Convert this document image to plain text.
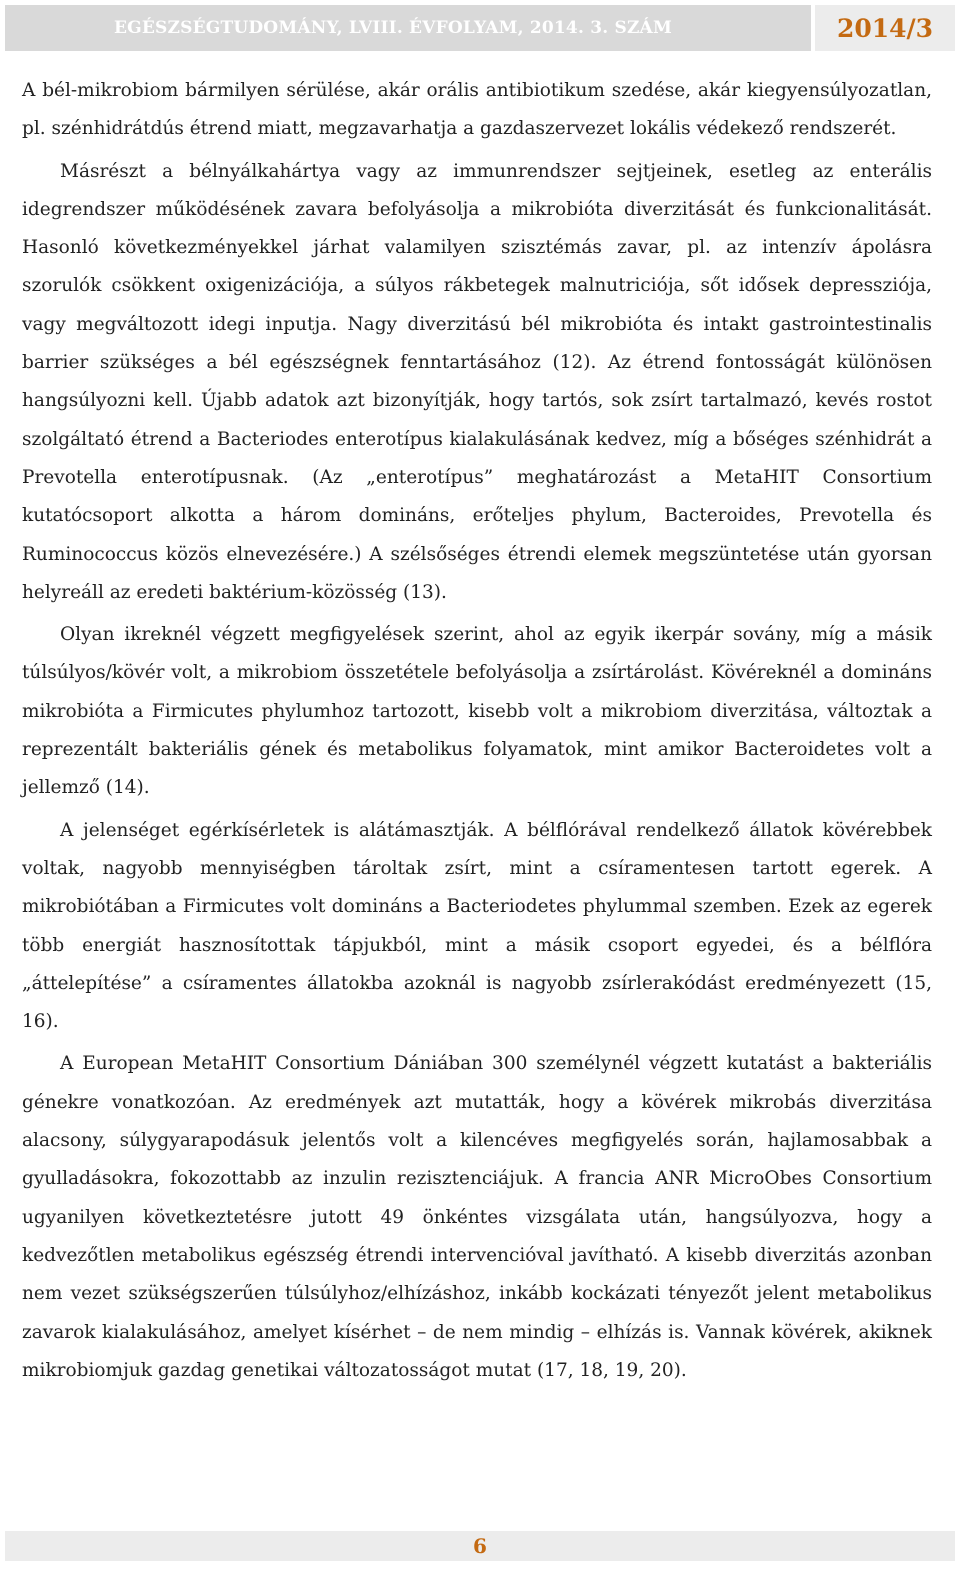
EGÉSZSÉGTUDOMÁNY, LVIII. ÉVFOLYAM, 2014. 3. SZÁM	2014/3

A bél-mikrobiom bármilyen sérülése, akár orális antibiotikum szedése, akár kiegyensúlyozatlan, pl. szénhidrátdús étrend miatt, megzavarhatja a gazdaszervezet lokális védekező rendszerét.

Másrészt a bélnyálkahártya vagy az immunrendszer sejtjeinek, esetleg az enterális idegrendszer működésének zavara befolyásolja a mikrobióta diverzitását és funkcionalitását. Hasonló következményekkel járhat valamilyen szisztémás zavar, pl. az intenzív ápolásra szorulók csökkent oxigenizációja, a súlyos rákbetegek malnutriciója, sőt idősek depressziója, vagy megváltozott idegi inputja. Nagy diverzitású bél mikrobióta és intakt gastrointestinalis barrier szükséges a bél egészségnek fenntartásához (12). Az étrend fontosságát különösen hangsúlyozni kell. Újabb adatok azt bizonyítják, hogy tartós, sok zsírt tartalmazó, kevés rostot szolgáltató étrend a Bacteriodes enterotípus kialakulásának kedvez, míg a bőséges szénhidrát a Prevotella enterotípusnak. (Az „enterotípus” meghatározást a MetaHIT Consortium kutatócsoport alkotta a három domináns, erőteljes phylum, Bacteroides, Prevotella és Ruminococcus közös elnevezésére.) A szélsőséges étrendi elemek megszüntetése után gyorsan helyreáll az eredeti baktérium-közösség (13).

Olyan ikreknél végzett megfigyelések szerint, ahol az egyik ikerpár sovány, míg a másik túlsúlyos/kövér volt, a mikrobiom összetétele befolyásolja a zsírtárolást. Kövéreknél a domináns mikrobióta a Firmicutes phylumhoz tartozott, kisebb volt a mikrobiom diverzitása, változtak a reprezentált bakteriális gének és metabolikus folyamatok, mint amikor Bacteroidetes volt a jellemző (14).

A jelenséget egérkísérletek is alátámasztják. A bélflórával rendelkező állatok kövérebbek voltak, nagyobb mennyiségben tároltak zsírt, mint a csíramentesen tartott egerek. A mikrobiótában a Firmicutes volt domináns a Bacteriodetes phylummal szemben. Ezek az egerek több energiát hasznosítottak tápjukból, mint a másik csoport egyedei, és a bélflóra „áttelepítése” a csíramentes állatokba azoknál is nagyobb zsírlerakódást eredményezett (15, 16).

A European MetaHIT Consortium Dániában 300 személynél végzett kutatást a bakteriális génekre vonatkozóan. Az eredmények azt mutatták, hogy a kövérek mikrobás diverzitása alacsony, súlygyarapodásuk jelentős volt a kilencéves megfigyelés során, hajlamosabbak a gyulladásokra, fokozottabb az inzulin rezisztenciájuk. A francia ANR MicroObes Consortium ugyanilyen következtetésre jutott 49 önkéntes vizsgálata után, hangsúlyozva, hogy a kedvezőtlen metabolikus egészség étrendi intervencióval javítható. A kisebb diverzitás azonban nem vezet szükségszerűen túlsúlyhoz/elhízáshoz, inkább kockázati tényezőt jelent metabolikus zavarok kialakulásához, amelyet kísérhet – de nem mindig – elhízás is. Vannak kövérek, akiknek mikrobiomjuk gazdag genetikai változatosságot mutat (17, 18, 19, 20).

6
